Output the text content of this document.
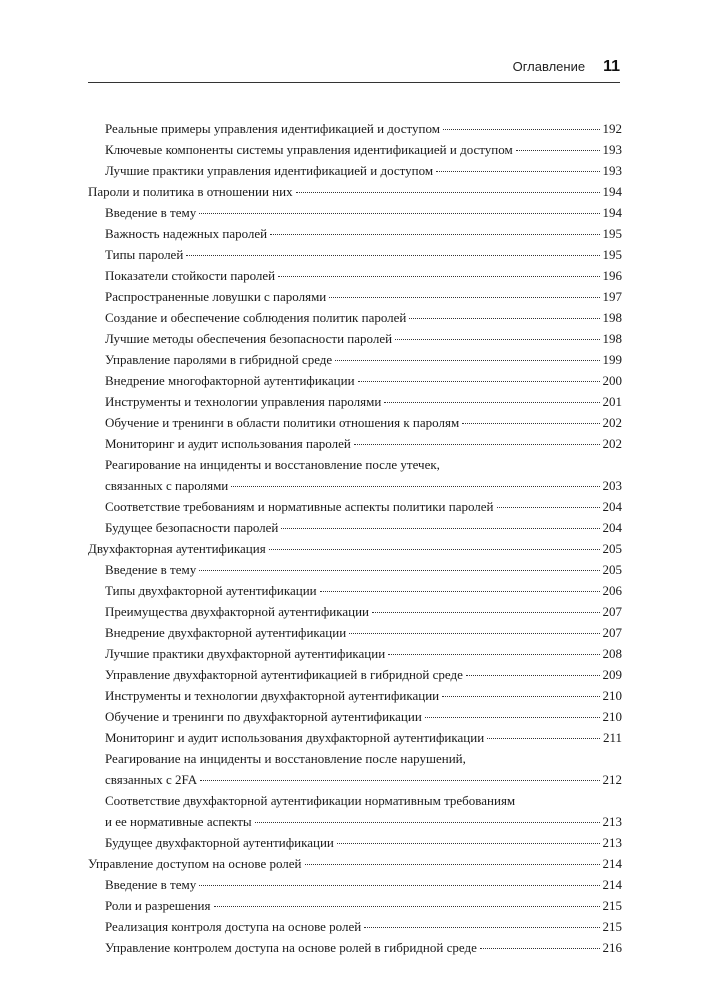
Оглавление 11
Реальные примеры управления идентификацией и доступом	192
Ключевые компоненты системы управления идентификацией и доступом	193
Лучшие практики управления идентификацией и доступом	193
Пароли и политика в отношении них	194
Введение в тему	194
Важность надежных паролей	195
Типы паролей	195
Показатели стойкости паролей	196
Распространенные ловушки с паролями	197
Создание и обеспечение соблюдения политик паролей	198
Лучшие методы обеспечения безопасности паролей	198
Управление паролями в гибридной среде	199
Внедрение многофакторной аутентификации	200
Инструменты и технологии управления паролями	201
Обучение и тренинги в области политики отношения к паролям	202
Мониторинг и аудит использования паролей	202
Реагирование на инциденты и восстановление после утечек,
связанных с паролями	203
Соответствие требованиям и нормативные аспекты политики паролей	204
Будущее безопасности паролей	204
Двухфакторная аутентификация	205
Введение в тему	205
Типы двухфакторной аутентификации	206
Преимущества двухфакторной аутентификации	207
Внедрение двухфакторной аутентификации	207
Лучшие практики двухфакторной аутентификации	208
Управление двухфакторной аутентификацией в гибридной среде	209
Инструменты и технологии двухфакторной аутентификации	210
Обучение и тренинги по двухфакторной аутентификации	210
Мониторинг и аудит использования двухфакторной аутентификации	211
Реагирование на инциденты и восстановление после нарушений,
связанных с 2FA	212
Соответствие двухфакторной аутентификации нормативным требованиям
и ее нормативные аспекты	213
Будущее двухфакторной аутентификации	213
Управление доступом на основе ролей	214
Введение в тему	214
Роли и разрешения	215
Реализация контроля доступа на основе ролей	215
Управление контролем доступа на основе ролей в гибридной среде	216
